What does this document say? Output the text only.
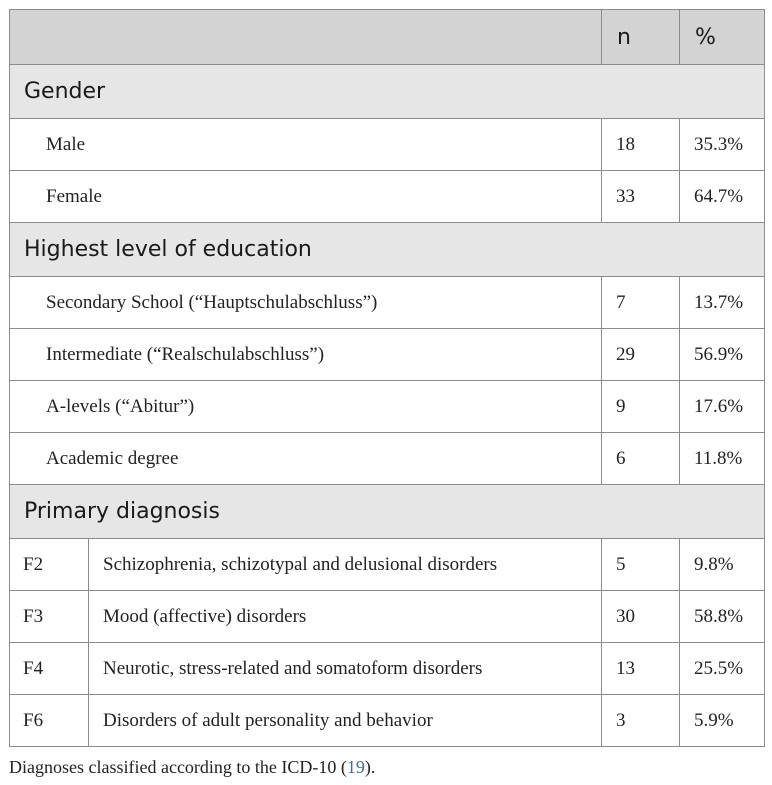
		n	%
Gender			
Male		18	35.3%
Female		33	64.7%
Highest level of education			
Secondary School (“Hauptschulabschluss”)		7	13.7%
Intermediate (“Realschulabschluss”)		29	56.9%
A-levels (“Abitur”)		9	17.6%
Academic degree		6	11.8%
Primary diagnosis			
F2	Schizophrenia, schizotypal and delusional disorders	5	9.8%
F3	Mood (affective) disorders	30	58.8%
F4	Neurotic, stress-related and somatoform disorders	13	25.5%
F6	Disorders of adult personality and behavior	3	5.9%
Diagnoses classified according to the ICD-10 (19).
